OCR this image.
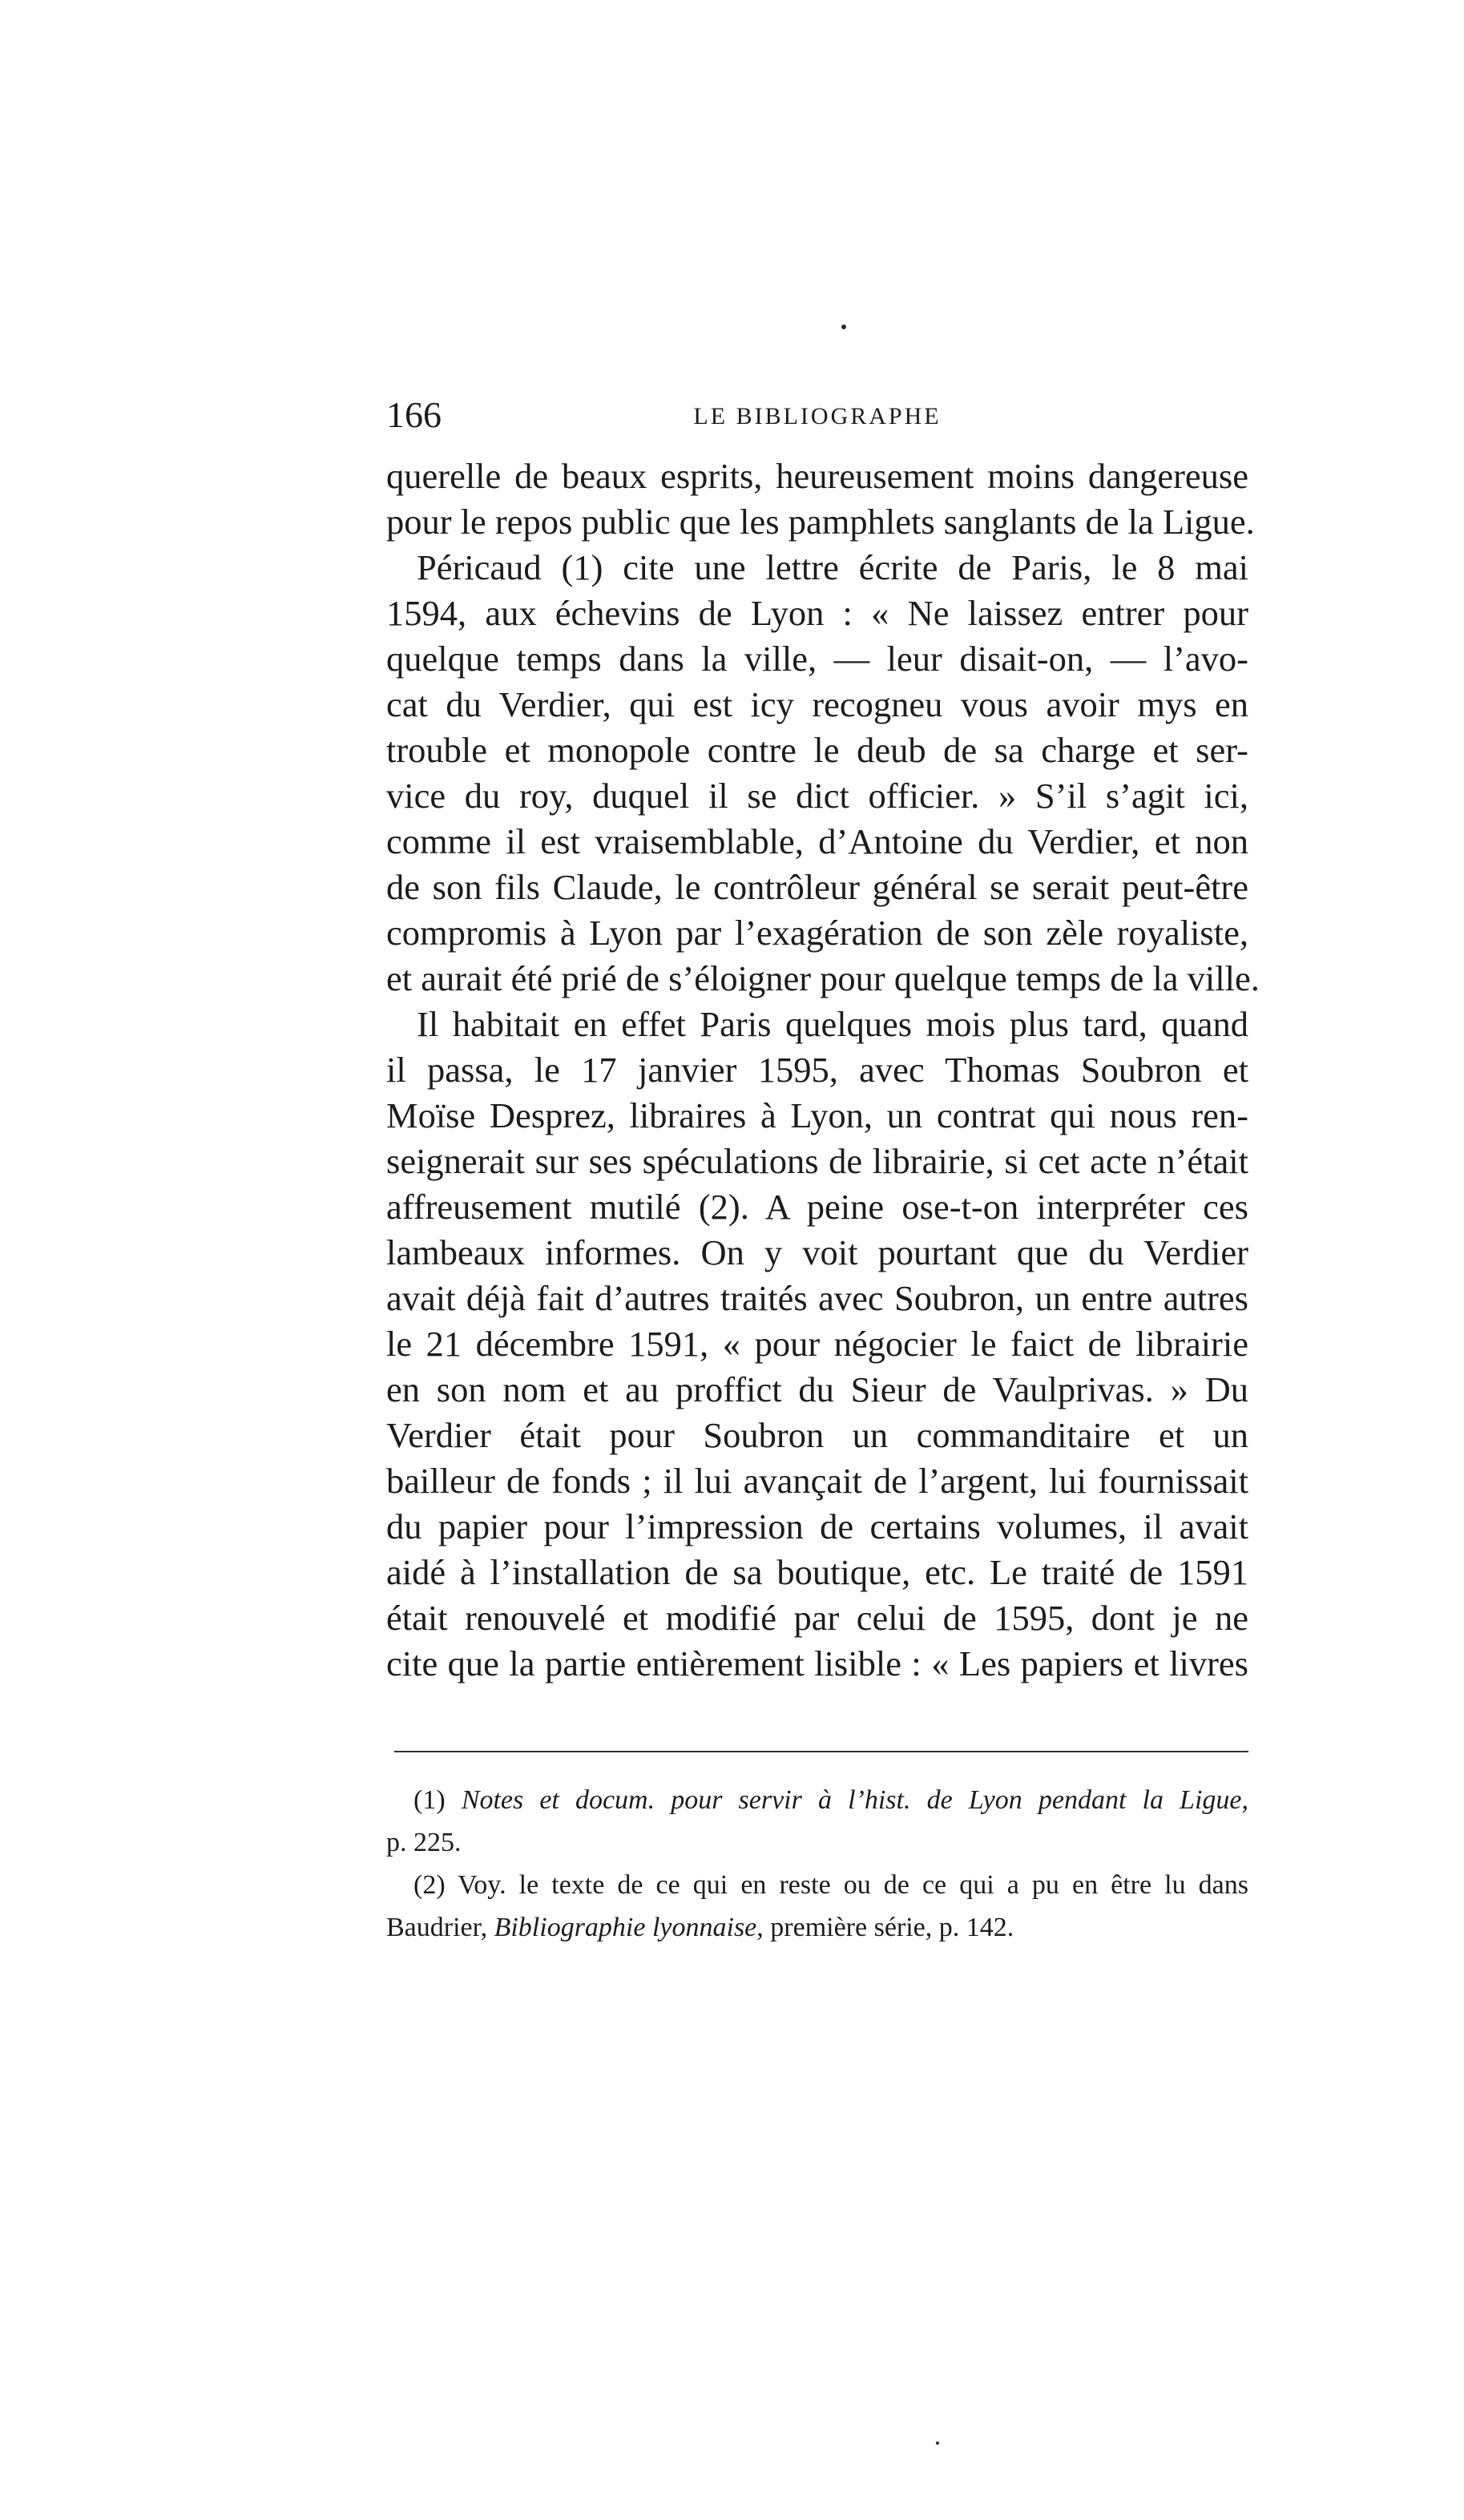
166	LE BIBLIOGRAPHE
querelle de beaux esprits, heureusement moins dangereuse
pour le repos public que les pamphlets sanglants de la Ligue.
Péricaud (1) cite une lettre écrite de Paris, le 8 mai
1594, aux échevins de Lyon : « Ne laissez entrer pour
quelque temps dans la ville, — leur disait-on, — l’avo-
cat du Verdier, qui est icy recogneu vous avoir mys en
trouble et monopole contre le deub de sa charge et ser-
vice du roy, duquel il se dict officier. » S’il s’agit ici,
comme il est vraisemblable, d’Antoine du Verdier, et non
de son fils Claude, le contrôleur général se serait peut-être
compromis à Lyon par l’exagération de son zèle royaliste,
et aurait été prié de s’éloigner pour quelque temps de la ville.
Il habitait en effet Paris quelques mois plus tard, quand
il passa, le 17 janvier 1595, avec Thomas Soubron et
Moïse Desprez, libraires à Lyon, un contrat qui nous ren-
seignerait sur ses spéculations de librairie, si cet acte n’était
affreusement mutilé (2). A peine ose-t-on interpréter ces
lambeaux informes. On y voit pourtant que du Verdier
avait déjà fait d’autres traités avec Soubron, un entre autres
le 21 décembre 1591, « pour négocier le faict de librairie
en son nom et au proffict du Sieur de Vaulprivas. » Du
Verdier était pour Soubron un commanditaire et un
bailleur de fonds ; il lui avançait de l’argent, lui fournissait
du papier pour l’impression de certains volumes, il avait
aidé à l’installation de sa boutique, etc. Le traité de 1591
était renouvelé et modifié par celui de 1595, dont je ne
cite que la partie entièrement lisible : « Les papiers et livres
(1) Notes et docum. pour servir à l’hist. de Lyon pendant la Ligue,
p. 225.
(2) Voy. le texte de ce qui en reste ou de ce qui a pu en être lu dans
Baudrier, Bibliographie lyonnaise, première série, p. 142.
